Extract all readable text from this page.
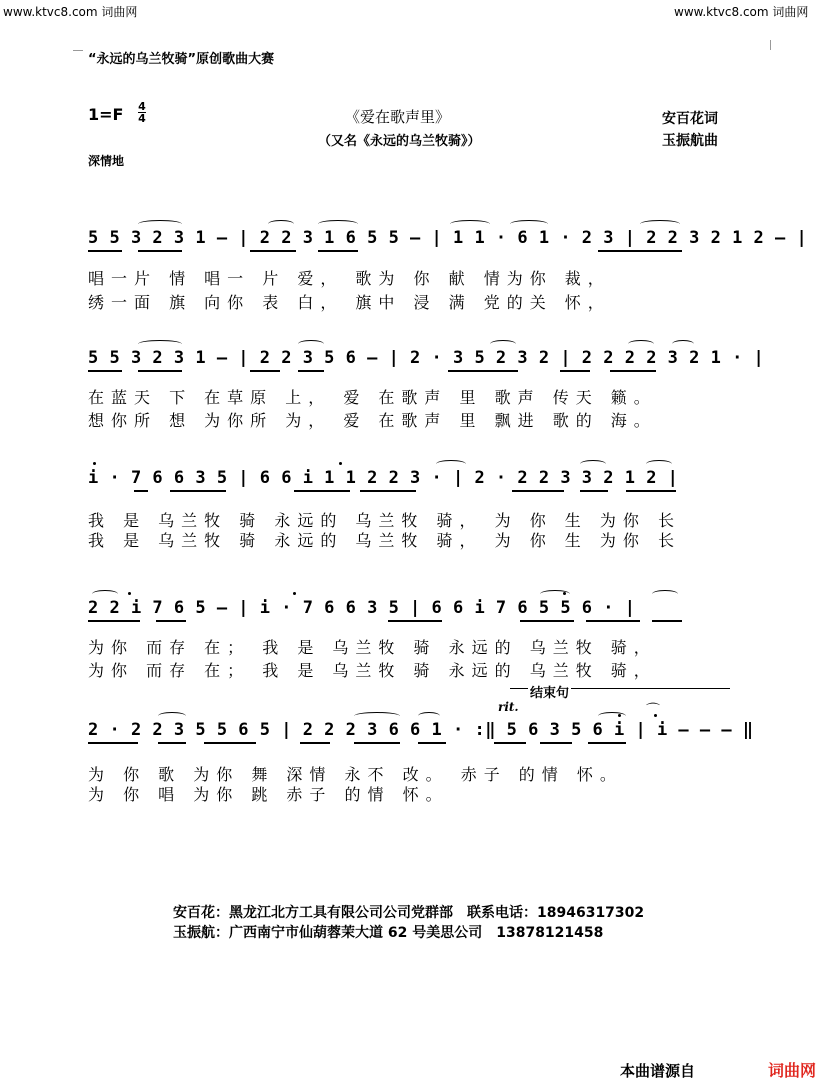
www.ktvc8.com 词曲网	www.ktvc8.com 词曲网
“永远的乌兰牧骑”原创歌曲大赛
1=F 4
4	《爱在歌声里》
（又名《永远的乌兰牧骑》）
安百花词
玉振航曲
深情地
5 5 3 2 3 1 – | 2 2 3 1 6 5 5 – | 1 1 · 6 1 · 2 3 | 2 2 3 2 1 2 – |
唱一片 情 唱一 片 爱， 歌为 你 献 情为你 裁，
绣一面 旗 向你 表 白， 旗中 浸 满 党的关 怀，
5 5 3 2 3 1 – | 2 2 3 5 6 – | 2 · 3 5 2 3 2 | 2 2 2 2 3 2 1 · |
在蓝天 下 在草原 上， 爱 在歌声 里 歌声 传天 籁。
想你所 想 为你所 为， 爱 在歌声 里 飘进 歌的 海。
i · 7 6 6 3 5 | 6 6 i 1 1 2 2 3 · | 2 · 2 2 3 3 2 1 2 |
我 是 乌兰牧 骑 永远的 乌兰牧 骑， 为 你 生 为你 长
我 是 乌兰牧 骑 永远的 乌兰牧 骑， 为 你 生 为你 长
2 2 i 7 6 5 – | i · 7 6 6 3 5 | 6 6 i 7 6 5 5 6 · |
为你 而存 在； 我 是 乌兰牧 骑 永远的 乌兰牧 骑，
为你 而存 在； 我 是 乌兰牧 骑 永远的 乌兰牧 骑，
结束句
rit.
2 · 2 2 3 5 5 6 5 | 2 2 2 3 6 6 1 · :‖ 5 6 3 5 6 i | i – – – ‖
为 你 歌 为你 舞 深情 永不 改。 赤子 的情 怀。
为 你 唱 为你 跳 赤子 的情 怀。
⌒
安百花：黑龙江北方工具有限公司公司党群部　联系电话：18946317302
玉振航：广西南宁市仙葫蓉茉大道 62 号美思公司　13878121458
本曲谱源自	词曲网
